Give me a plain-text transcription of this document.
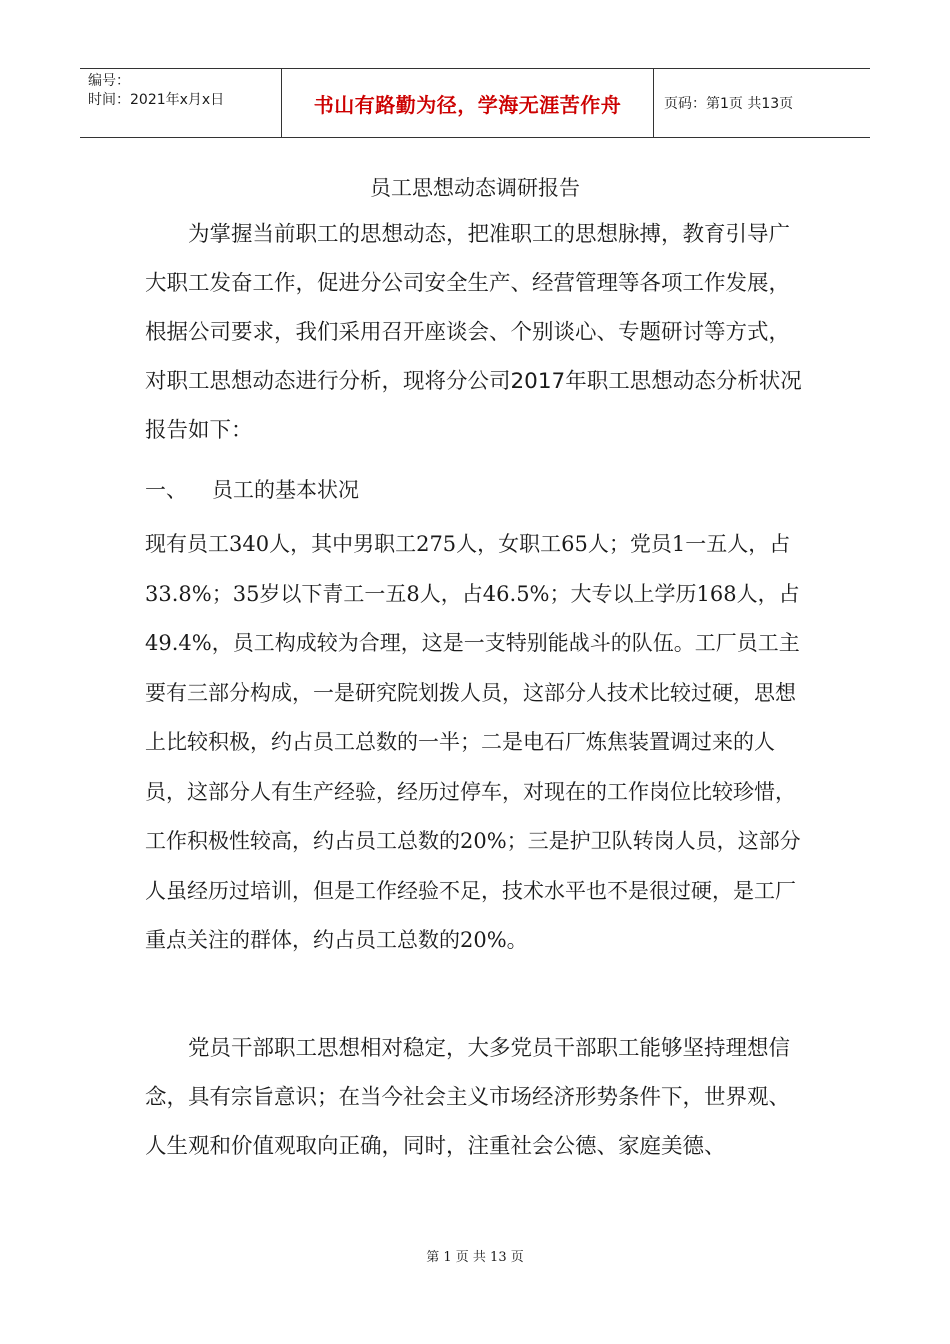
编号：
时间：2021年x月x日	书山有路勤为径，学海无涯苦作舟	页码：第1页 共13页
员工思想动态调研报告

为掌握当前职工的思想动态，把准职工的思想脉搏，教育引导广大职工发奋工作，促进分公司安全生产、经营管理等各项工作发展，根据公司要求，我们采用召开座谈会、个别谈心、专题研讨等方式，对职工思想动态进行分析，现将分公司2017年职工思想动态分析状况报告如下：

一、	员工的基本状况

现有员工340人，其中男职工275人，女职工65人；党员1一五人，占33.8%；35岁以下青工一五8人，占46.5%；大专以上学历168人，占49.4%，员工构成较为合理，这是一支特别能战斗的队伍。工厂员工主要有三部分构成，一是研究院划拨人员，这部分人技术比较过硬，思想上比较积极，约占员工总数的一半；二是电石厂炼焦装置调过来的人员，这部分人有生产经验，经历过停车，对现在的工作岗位比较珍惜，工作积极性较高，约占员工总数的20%；三是护卫队转岗人员，这部分人虽经历过培训，但是工作经验不足，技术水平也不是很过硬，是工厂重点关注的群体，约占员工总数的20%。

党员干部职工思想相对稳定，大多党员干部职工能够坚持理想信念，具有宗旨意识；在当今社会主义市场经济形势条件下，世界观、人生观和价值观取向正确，同时，注重社会公德、家庭美德、

第 1 页 共 13 页
